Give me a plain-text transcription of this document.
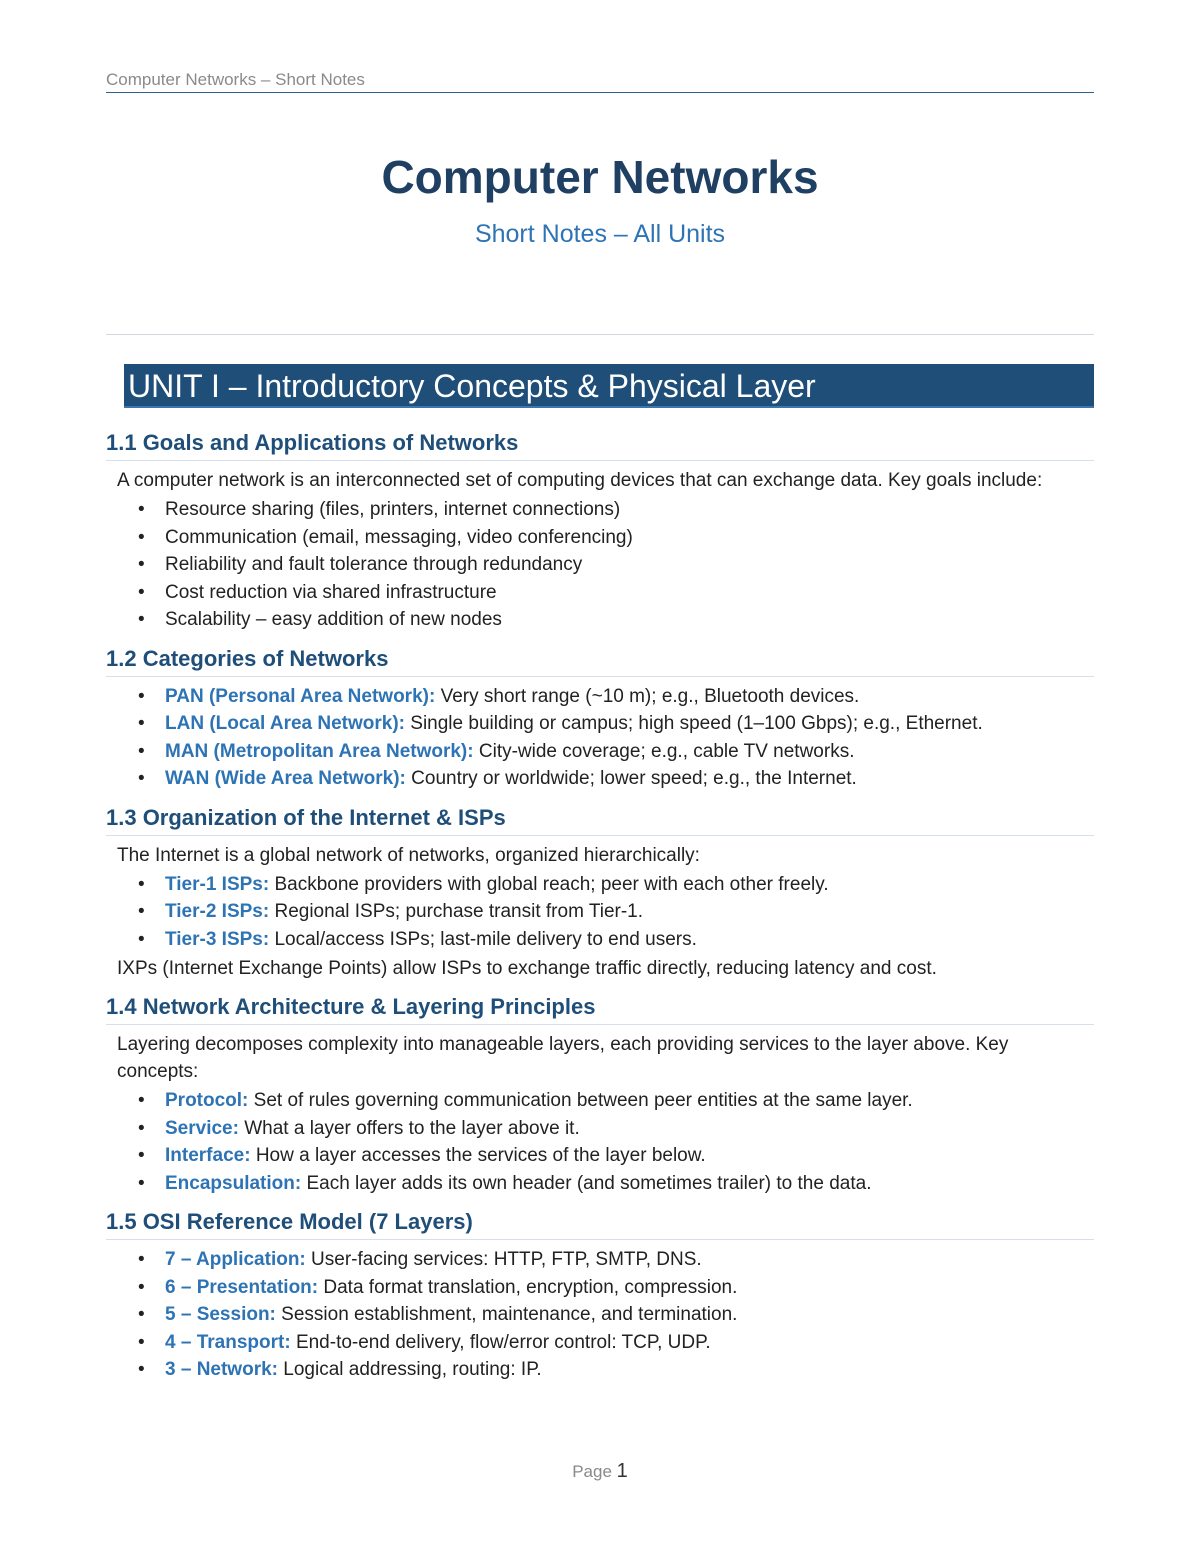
Computer Networks – Short Notes
Computer Networks
Short Notes – All Units
UNIT I – Introductory Concepts & Physical Layer
1.1 Goals and Applications of Networks

A computer network is an interconnected set of computing devices that can exchange data. Key goals include:

• Resource sharing (files, printers, internet connections)
• Communication (email, messaging, video conferencing)
• Reliability and fault tolerance through redundancy
• Cost reduction via shared infrastructure
• Scalability – easy addition of new nodes
1.2 Categories of Networks
• PAN (Personal Area Network): Very short range (~10 m); e.g., Bluetooth devices.
• LAN (Local Area Network): Single building or campus; high speed (1–100 Gbps); e.g., Ethernet.
• MAN (Metropolitan Area Network): City-wide coverage; e.g., cable TV networks.
• WAN (Wide Area Network): Country or worldwide; lower speed; e.g., the Internet.
1.3 Organization of the Internet & ISPs

The Internet is a global network of networks, organized hierarchically:

• Tier-1 ISPs: Backbone providers with global reach; peer with each other freely.
• Tier-2 ISPs: Regional ISPs; purchase transit from Tier-1.
• Tier-3 ISPs: Local/access ISPs; last-mile delivery to end users.

IXPs (Internet Exchange Points) allow ISPs to exchange traffic directly, reducing latency and cost.

1.4 Network Architecture & Layering Principles

Layering decomposes complexity into manageable layers, each providing services to the layer above. Key concepts:

• Protocol: Set of rules governing communication between peer entities at the same layer.
• Service: What a layer offers to the layer above it.
• Interface: How a layer accesses the services of the layer below.
• Encapsulation: Each layer adds its own header (and sometimes trailer) to the data.
1.5 OSI Reference Model (7 Layers)
• 7 – Application: User-facing services: HTTP, FTP, SMTP, DNS.
• 6 – Presentation: Data format translation, encryption, compression.
• 5 – Session: Session establishment, maintenance, and termination.
• 4 – Transport: End-to-end delivery, flow/error control: TCP, UDP.
• 3 – Network: Logical addressing, routing: IP.
Page 1
